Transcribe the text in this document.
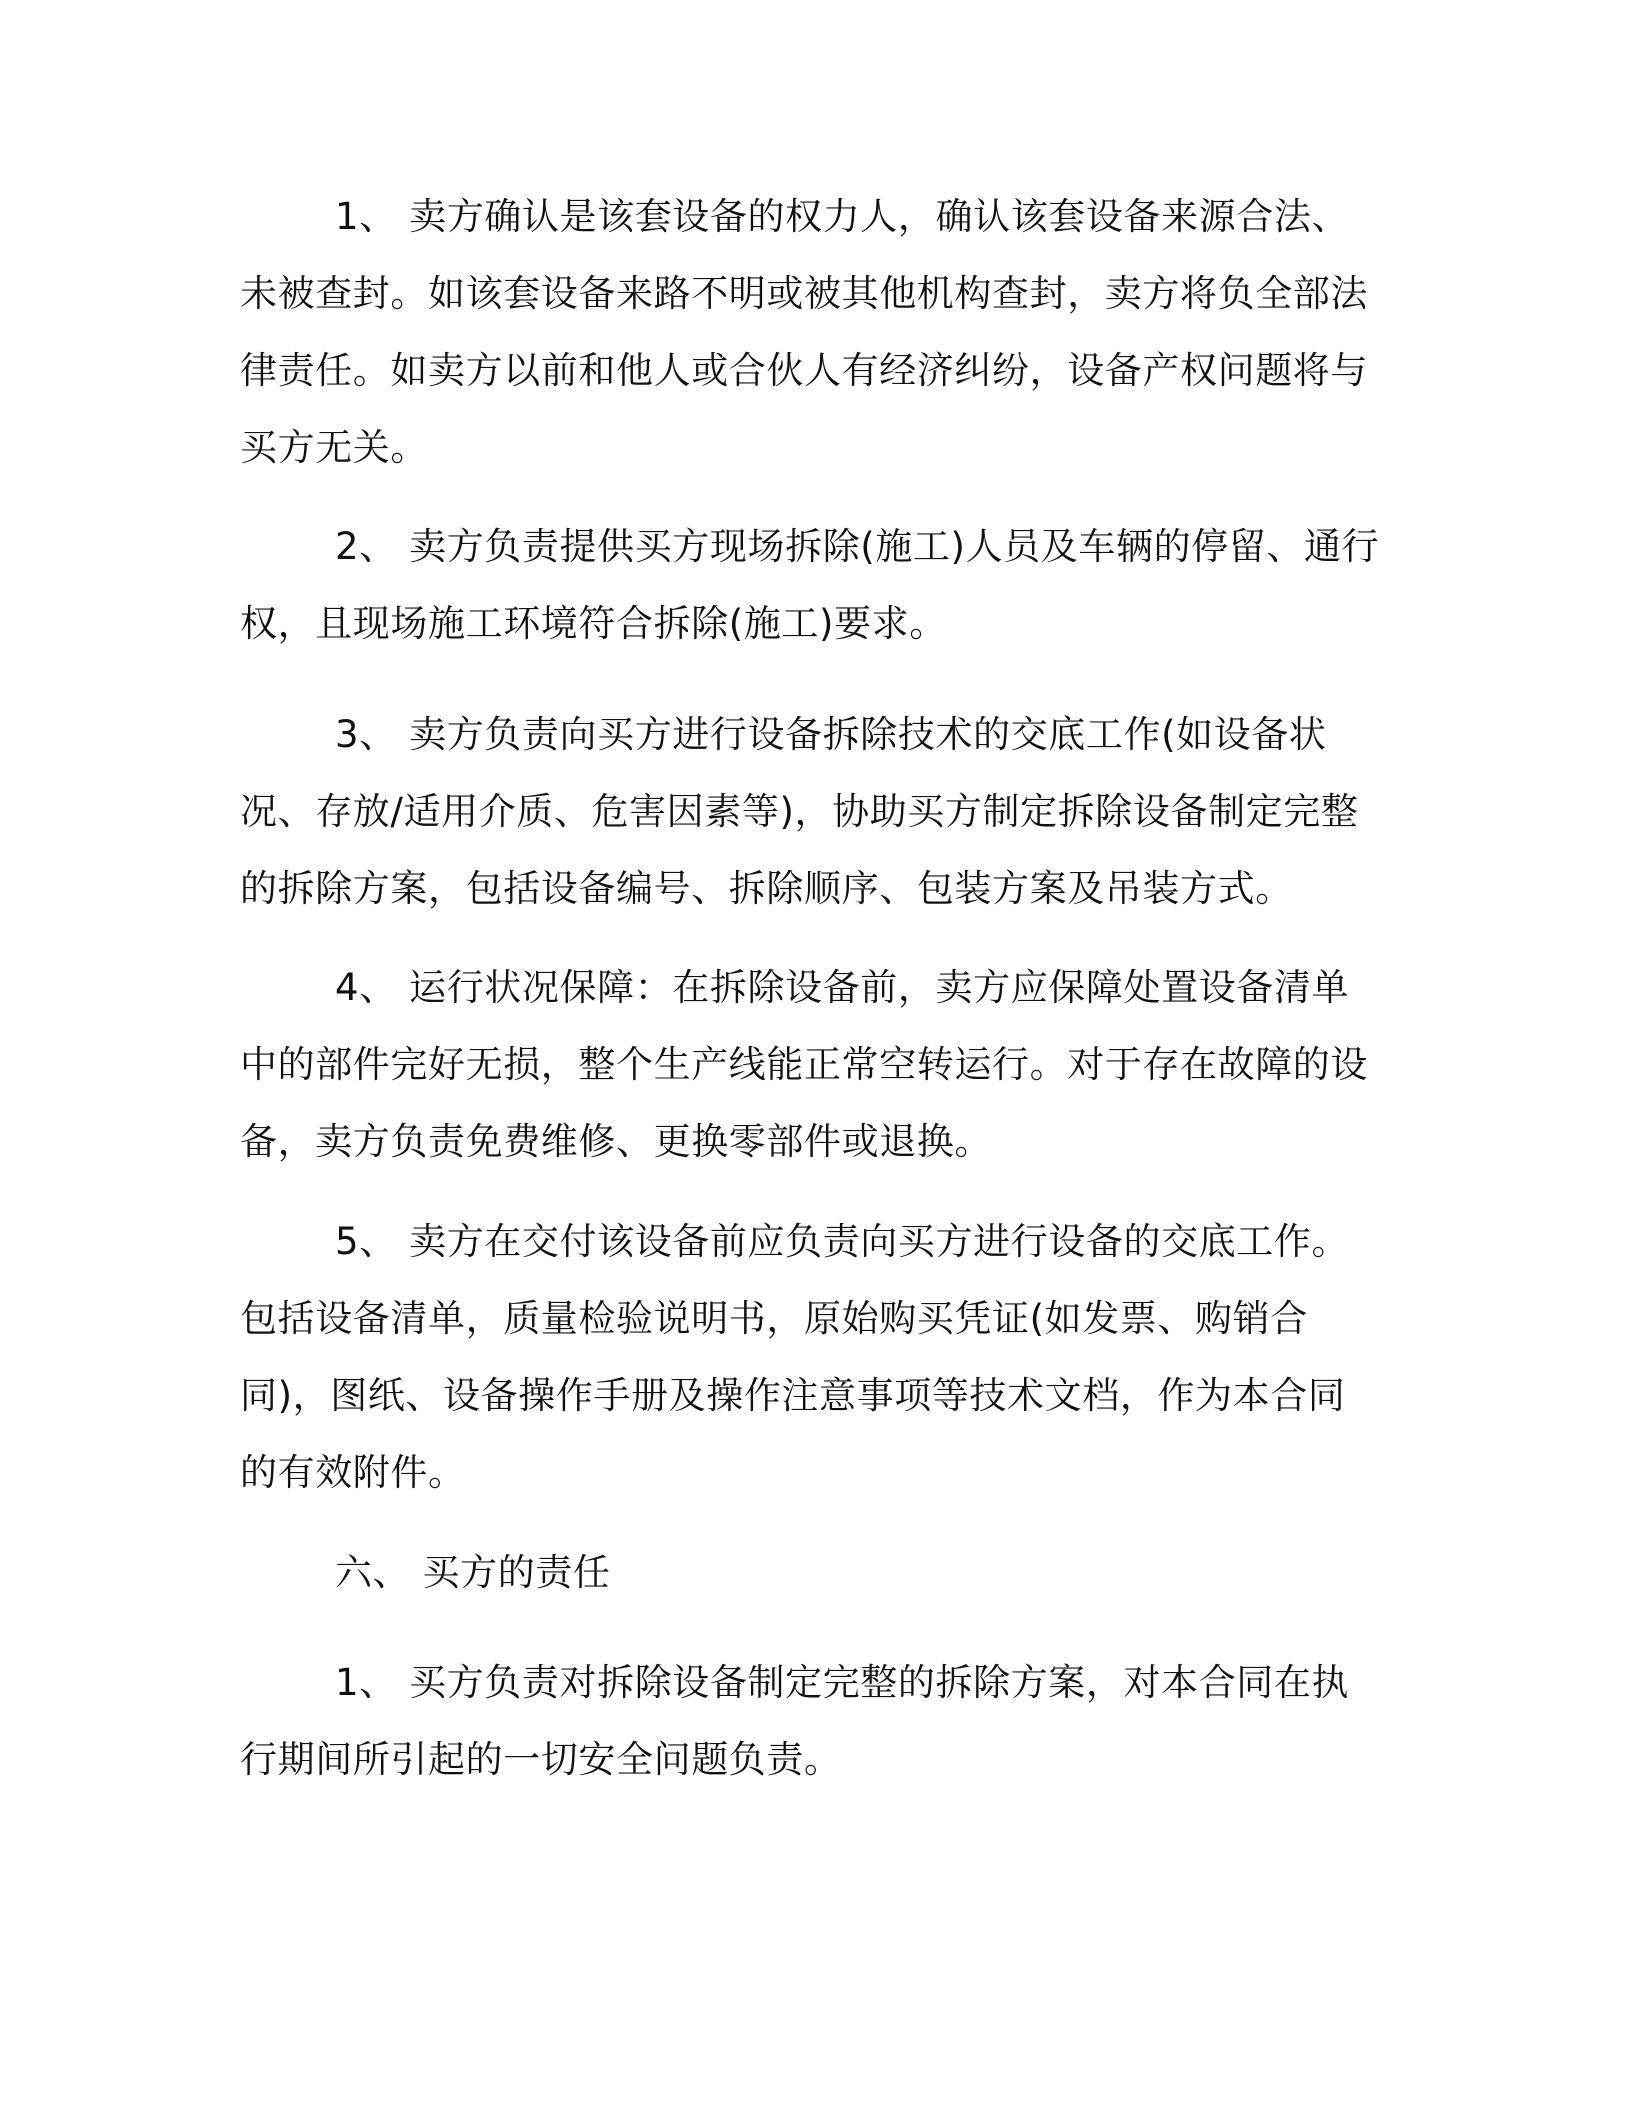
1、 卖方确认是该套设备的权力人，确认该套设备来源合法、未被查封。如该套设备来路不明或被其他机构查封，卖方将负全部法律责任。如卖方以前和他人或合伙人有经济纠纷，设备产权问题将与买方无关。

2、 卖方负责提供买方现场拆除(施工)人员及车辆的停留、通行权，且现场施工环境符合拆除(施工)要求。

3、 卖方负责向买方进行设备拆除技术的交底工作(如设备状况、存放/适用介质、危害因素等)，协助买方制定拆除设备制定完整的拆除方案，包括设备编号、拆除顺序、包装方案及吊装方式。

4、 运行状况保障：在拆除设备前，卖方应保障处置设备清单中的部件完好无损，整个生产线能正常空转运行。对于存在故障的设备，卖方负责免费维修、更换零部件或退换。

5、 卖方在交付该设备前应负责向买方进行设备的交底工作。包括设备清单，质量检验说明书，原始购买凭证(如发票、购销合同)，图纸、设备操作手册及操作注意事项等技术文档，作为本合同的有效附件。

六、 买方的责任

1、 买方负责对拆除设备制定完整的拆除方案，对本合同在执行期间所引起的一切安全问题负责。
